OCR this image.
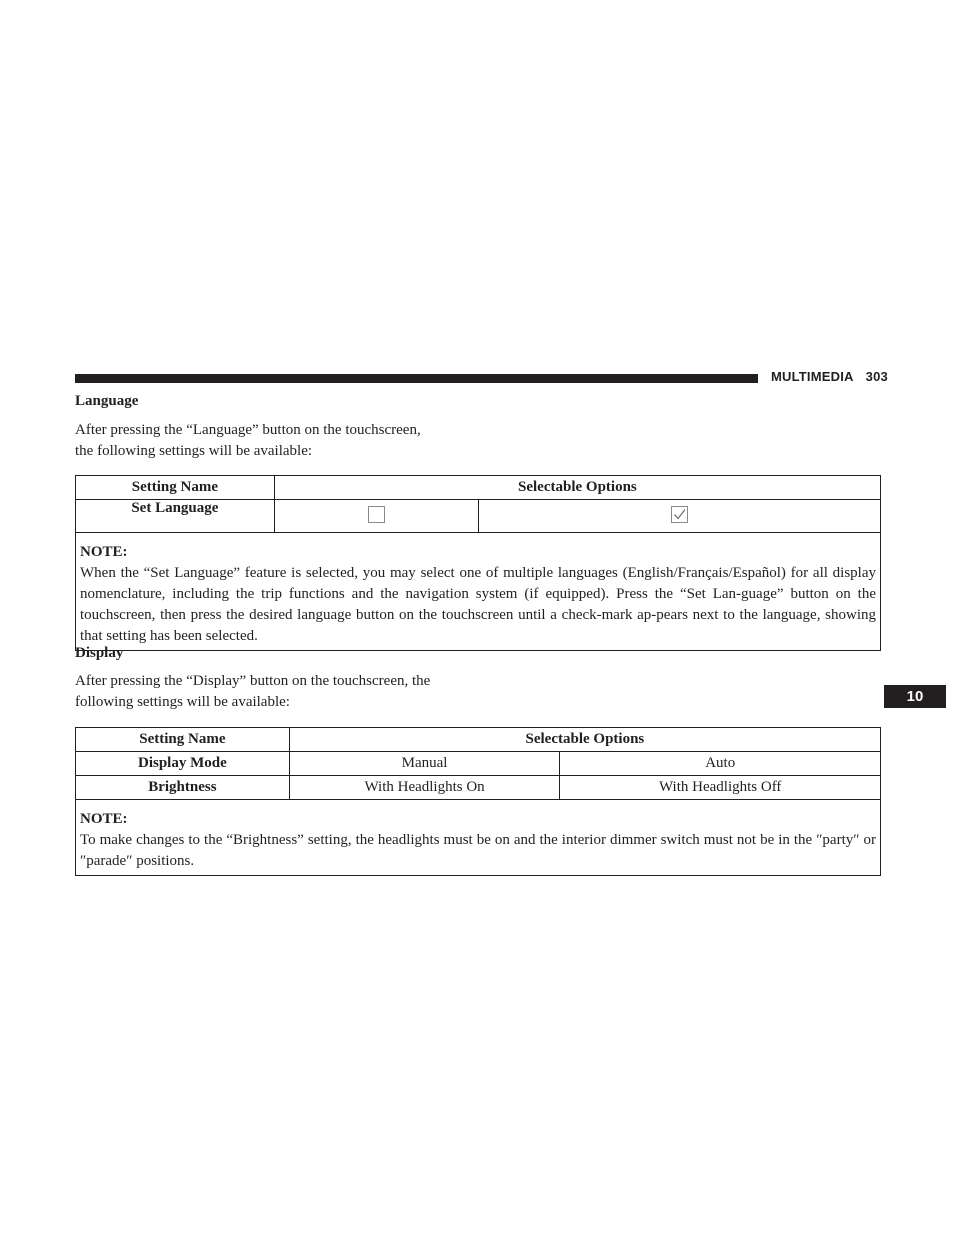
MULTIMEDIA 303
Language

After pressing the “Language” button on the touchscreen,
the following settings will be available:

Setting Name	Selectable Options	
Set Language	

NOTE:
When the “Set Language” feature is selected, you may select one of multiple languages (English/Français/Español) for all display nomenclature, including the trip functions and the navigation system (if equipped). Press the “Set Lan-guage” button on the touchscreen, then press the desired language button on the touchscreen until a check-mark ap-pears next to the language, showing that setting has been selected.		
Display

After pressing the “Display” button on the touchscreen, the
following settings will be available:

Setting Name	Selectable Options	
Display Mode	Manual	Auto
Brightness	With Headlights On	With Headlights Off

NOTE:
To make changes to the “Brightness” setting, the headlights must be on and the interior dimmer switch must not be in the ″party″ or ″parade″ positions.		
10
